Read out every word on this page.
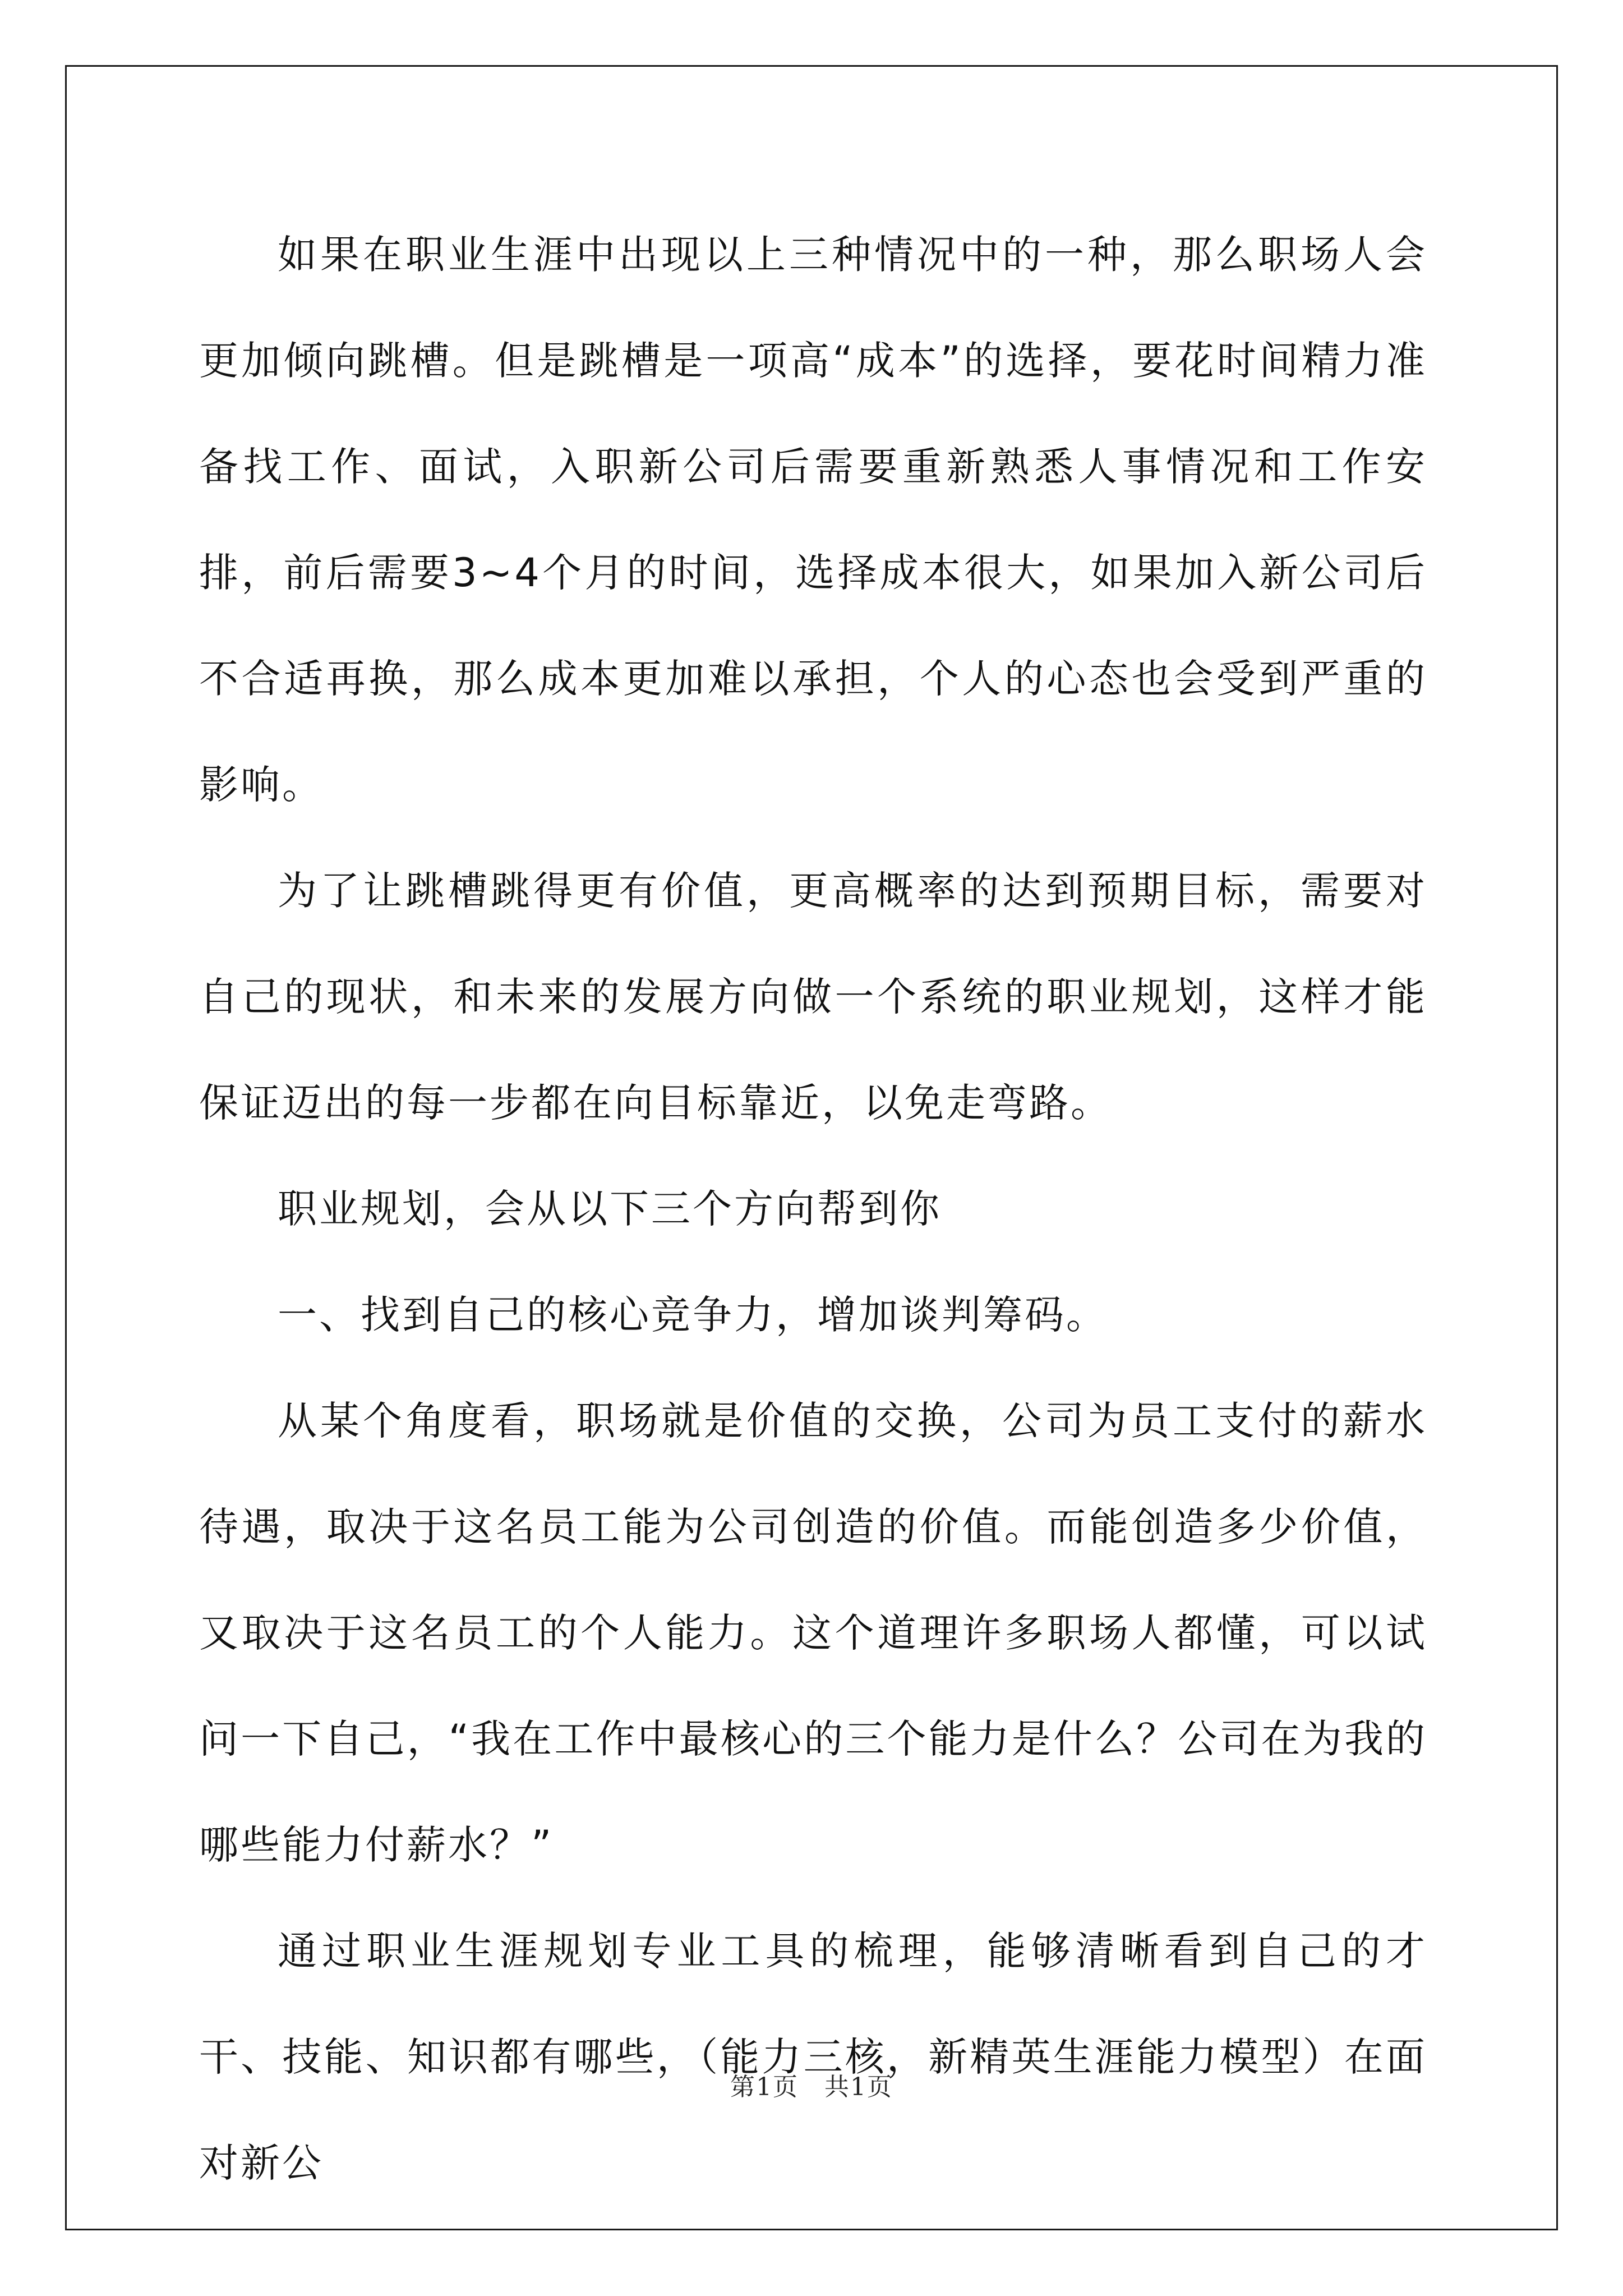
如果在职业生涯中出现以上三种情况中的一种，那么职场人会更加倾向跳槽。但是跳槽是一项高“成本”的选择，要花时间精力准备找工作、面试，入职新公司后需要重新熟悉人事情况和工作安排，前后需要3~4个月的时间，选择成本很大，如果加入新公司后不合适再换，那么成本更加难以承担，个人的心态也会受到严重的影响。

为了让跳槽跳得更有价值，更高概率的达到预期目标，需要对自己的现状，和未来的发展方向做一个系统的职业规划，这样才能保证迈出的每一步都在向目标靠近，以免走弯路。

职业规划，会从以下三个方向帮到你

一、找到自己的核心竞争力，增加谈判筹码。

从某个角度看，职场就是价值的交换，公司为员工支付的薪水待遇，取决于这名员工能为公司创造的价值。而能创造多少价值，又取决于这名员工的个人能力。这个道理许多职场人都懂，可以试问一下自己，“我在工作中最核心的三个能力是什么？公司在为我的哪些能力付薪水？”

通过职业生涯规划专业工具的梳理，能够清晰看到自己的才干、技能、知识都有哪些，（能力三核，新精英生涯能力模型）在面对新公

第1页 共1页
